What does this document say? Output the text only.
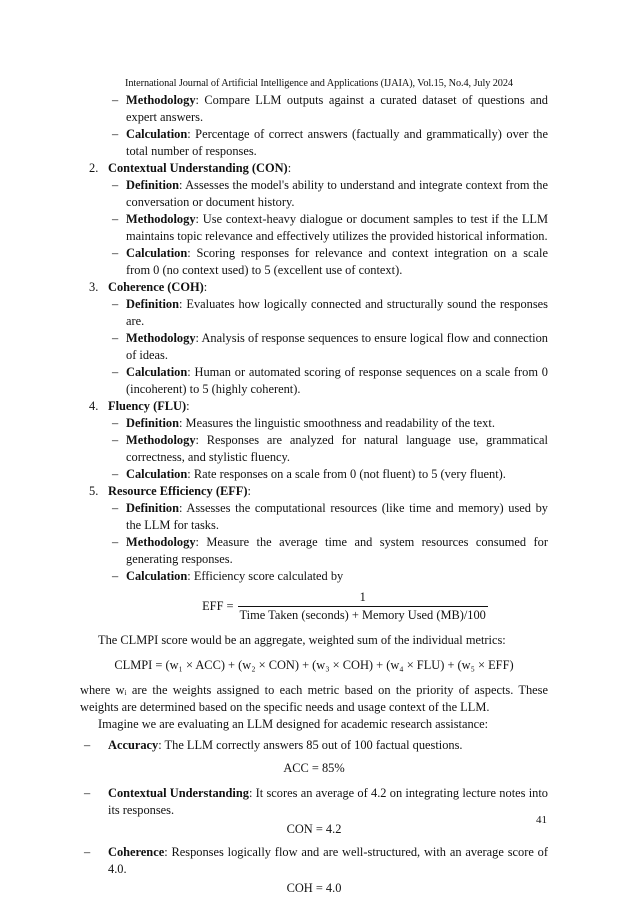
International Journal of Artificial Intelligence and Applications (IJAIA), Vol.15, No.4, July 2024
– Methodology: Compare LLM outputs against a curated dataset of questions and expert answers.
– Calculation: Percentage of correct answers (factually and grammatically) over the total number of responses.
2. Contextual Understanding (CON):
– Definition: Assesses the model's ability to understand and integrate context from the conversation or document history.
– Methodology: Use context-heavy dialogue or document samples to test if the LLM maintains topic relevance and effectively utilizes the provided historical information.
– Calculation: Scoring responses for relevance and context integration on a scale from 0 (no context used) to 5 (excellent use of context).
3. Coherence (COH):
– Definition: Evaluates how logically connected and structurally sound the responses are.
– Methodology: Analysis of response sequences to ensure logical flow and connection of ideas.
– Calculation: Human or automated scoring of response sequences on a scale from 0 (incoherent) to 5 (highly coherent).
4. Fluency (FLU):
– Definition: Measures the linguistic smoothness and readability of the text.
– Methodology: Responses are analyzed for natural language use, grammatical correctness, and stylistic fluency.
– Calculation: Rate responses on a scale from 0 (not fluent) to 5 (very fluent).
5. Resource Efficiency (EFF):
– Definition: Assesses the computational resources (like time and memory) used by the LLM for tasks.
– Methodology: Measure the average time and system resources consumed for generating responses.
– Calculation: Efficiency score calculated by
EFF = $\frac{1}{\text{Time Taken (seconds) + Memory Used (MB)/100}}$

The CLMPI score would be an aggregate, weighted sum of the individual metrics:

CLMPI = (w₁ × ACC) + (w₂ × CON) + (w₃ × COH) + (w₄ × FLU) + (w₅ × EFF)

where wᵢ are the weights assigned to each metric based on the priority of aspects. These weights are determined based on the specific needs and usage context of the LLM.

Imagine we are evaluating an LLM designed for academic research assistance:

– Accuracy: The LLM correctly answers 85 out of 100 factual questions.
ACC = 85%
– Contextual Understanding: It scores an average of 4.2 on integrating lecture notes into its responses.
CON = 4.2
– Coherence: Responses logically flow and are well-structured, with an average score of 4.0.
COH = 4.0
41
